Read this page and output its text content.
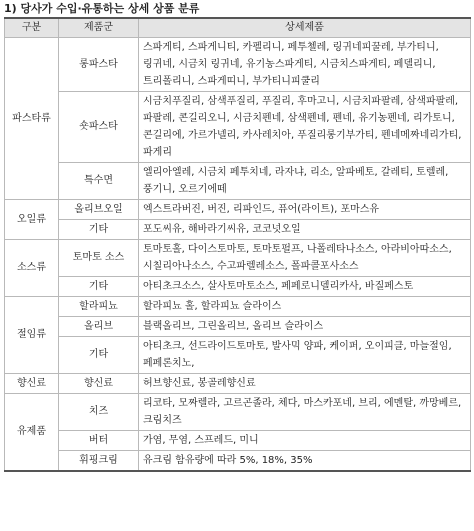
1) 당사가 수입·유통하는 상세 상품 분류
구분	제품군	상세제품
파스타류	롱파스타	스파게티, 스파게니티, 카펠리니, 페투첼레, 링귀네피꿀레, 부가티니, 링귀네, 시금치 링귀네, 유기농스파게티, 시금치스파게티, 페델리니, 트리폴리니, 스파게띠니, 부가티니피쿨리
	숏파스타	시금치푸질리, 삼색푸질리, 푸질리, 후마고니, 시금치파팔레, 삼색파팔레, 파팔레, 콘길리오니, 시금치펜네, 삼색펜네, 펜네, 유기농펜네, 리가토니, 콘길리에, 가르가넬리, 카사레치아, 푸질리롱기부가티, 펜네메짜네리가티, 파게리
	특수면	엘리아엘레, 시금치 페투치네, 라자냐, 리소, 알파베토, 갈레티, 토렐레, 풍기니, 오르기에떼
오일류	올리브오일	엑스트라버진, 버진, 리파인드, 퓨어(라이트), 포마스유
	기타	포도씨유, 해바라기씨유, 코코넛오일
소스류	토마토 소스	토마토홀, 다이스토마토, 토마토펄프, 나폴레타나소스, 아라비아따소스, 시칠리아나소스, 수고파렐레소스, 폴파콜포사소스
	기타	아티초크소스, 살사토마토소스, 페페로니델리카사, 바질페스토
절임류	할라피뇨	할라피뇨 홀, 할라피뇨 슬라이스
	올리브	블랙올리브, 그린올리브, 올리브 슬라이스
	기타	아티초크, 선드라이드토마토, 발사믹 양파, 케이퍼, 오이피클, 마늘절임, 페페론치노,
향신료	향신료	허브향신료, 봉골레향신료
유제품	치즈	리코타, 모짜렐라, 고르곤졸라, 체다, 마스카포네, 브리, 에멘탈, 까망베르, 크림치즈
	버터	가염, 무염, 스프레드, 미니
	휘핑크림	유크림 함유량에 따라 5%, 18%, 35%
